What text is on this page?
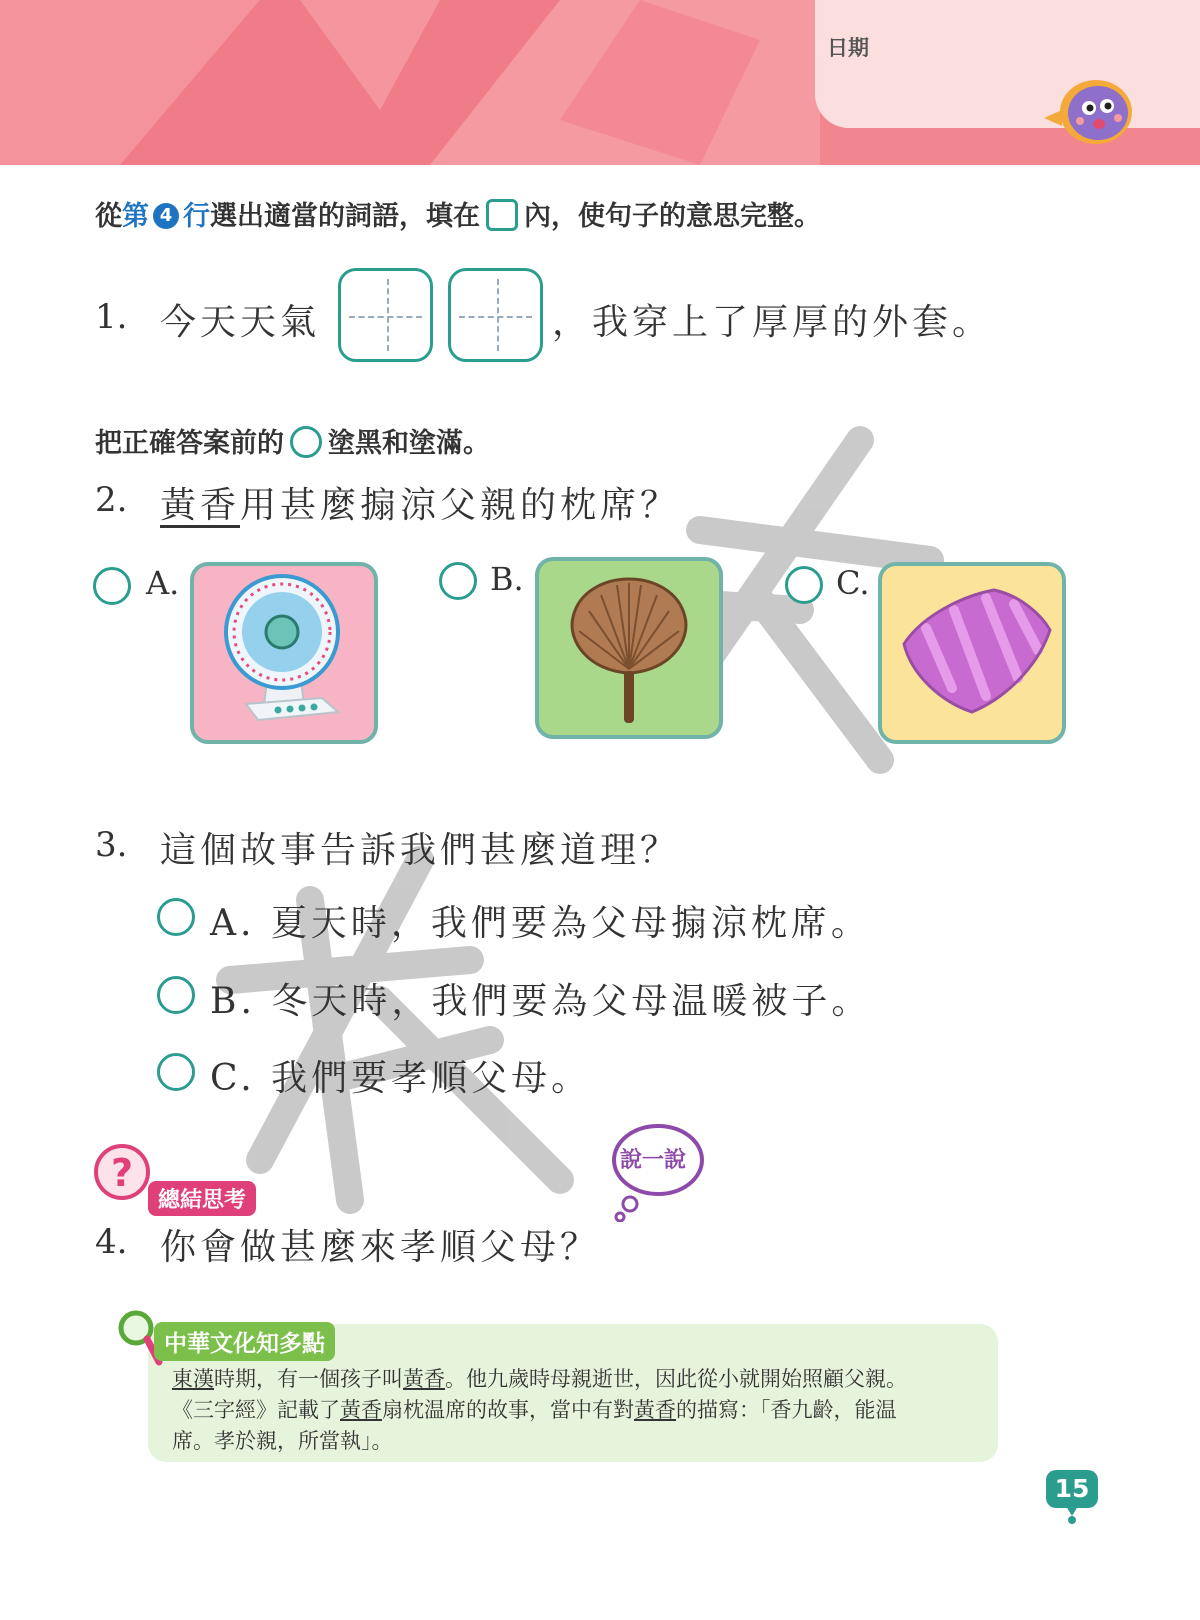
日期
從第 4 行選出適當的詞語，填在 內，使句子的意思完整。
1. 今天天氣	，我穿上了厚厚的外套。
把正確答案前的 塗黑和塗滿。
2. 黃香用甚麼搧涼父親的枕席？
A.	B.	C.
3. 這個故事告訴我們甚麼道理？
A. 夏天時，我們要為父母搧涼枕席。
B. 冬天時，我們要為父母温暖被子。
C. 我們要孝順父母。
?
總結思考
說一說
4. 你會做甚麼來孝順父母？
中華文化知多點
東漢時期，有一個孩子叫黃香。他九歲時母親逝世，因此從小就開始照顧父親。
《三字經》記載了黃香扇枕温席的故事，當中有對黃香的描寫：「香九齡，能温
席。孝於親，所當執」。
15
